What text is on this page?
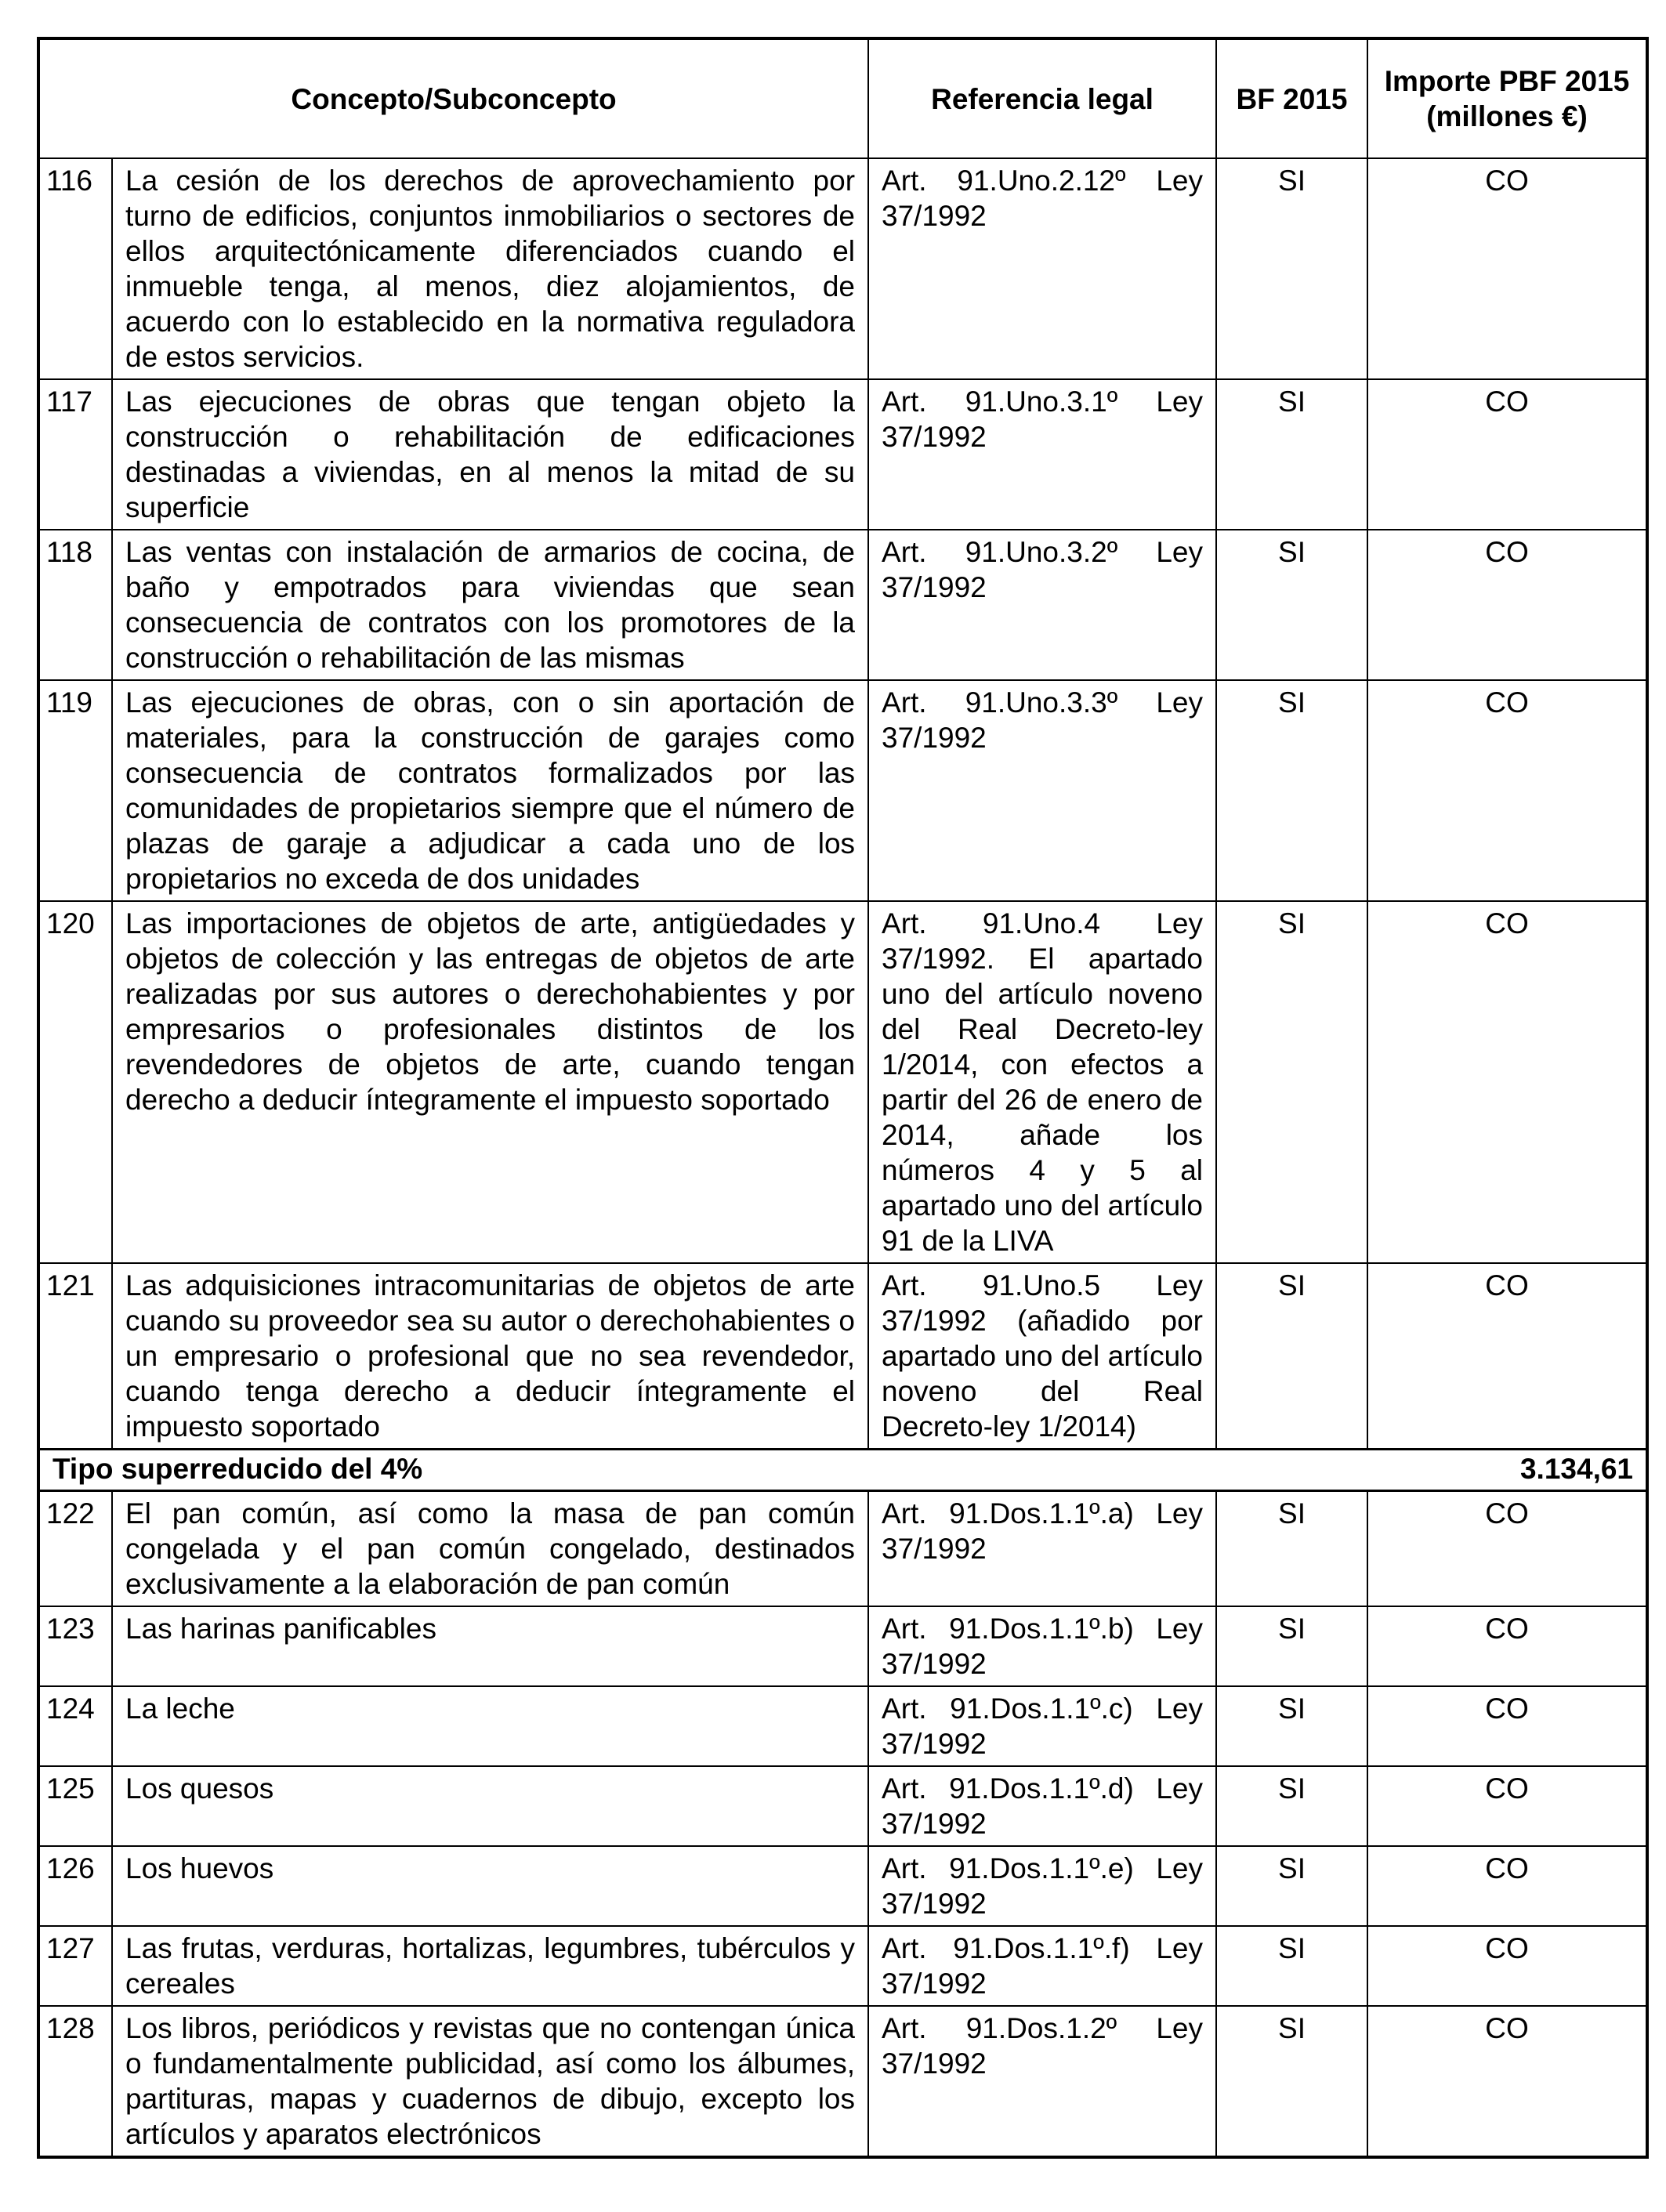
Concepto/Subconcepto		Referencia legal	BF 2015	Importe PBF 2015 (millones €)
116	La cesión de los derechos de aprovechamiento por turno de edificios, conjuntos inmobiliarios o sectores de ellos arquitectónicamente diferenciados cuando el inmueble tenga, al menos, diez alojamientos, de acuerdo con lo establecido en la normativa reguladora de estos servicios.	Art. 91.Uno.2.12º Ley 37/1992	SI	CO
117	Las ejecuciones de obras que tengan objeto la construcción o rehabilitación de edificaciones destinadas a viviendas, en al menos la mitad de su superficie	Art. 91.Uno.3.1º Ley 37/1992	SI	CO
118	Las ventas con instalación de armarios de cocina, de baño y empotrados para viviendas que sean consecuencia de contratos con los promotores de la construcción o rehabilitación de las mismas	Art. 91.Uno.3.2º Ley 37/1992	SI	CO
119	Las ejecuciones de obras, con o sin aportación de materiales, para la construcción de garajes como consecuencia de contratos formalizados por las comunidades de propietarios siempre que el número de plazas de garaje a adjudicar a cada uno de los propietarios no exceda de dos unidades	Art. 91.Uno.3.3º Ley 37/1992	SI	CO
120	Las importaciones de objetos de arte, antigüedades y objetos de colección y las entregas de objetos de arte realizadas por sus autores o derechohabientes y por empresarios o profesionales distintos de los revendedores de objetos de arte, cuando tengan derecho a deducir íntegramente el impuesto soportado	Art. 91.Uno.4 Ley 37/1992. El apartado uno del artículo noveno del Real Decreto-ley 1/2014, con efectos a partir del 26 de enero de 2014, añade los números 4 y 5 al apartado uno del artículo 91 de la LIVA	SI	CO
121	Las adquisiciones intracomunitarias de objetos de arte cuando su proveedor sea su autor o derechohabientes o un empresario o profesional que no sea revendedor, cuando tenga derecho a deducir íntegramente el impuesto soportado	Art. 91.Uno.5 Ley 37/1992 (añadido por apartado uno del artículo noveno del Real Decreto-ley 1/2014)	SI	CO

Tipo superreducido del 4% 3.134,61				

122	El pan común, así como la masa de pan común congelada y el pan común congelado, destinados exclusivamente a la elaboración de pan común	Art. 91.Dos.1.1º.a) Ley 37/1992	SI	CO
123	Las harinas panificables	Art. 91.Dos.1.1º.b) Ley 37/1992	SI	CO
124	La leche	Art. 91.Dos.1.1º.c) Ley 37/1992	SI	CO
125	Los quesos	Art. 91.Dos.1.1º.d) Ley 37/1992	SI	CO
126	Los huevos	Art. 91.Dos.1.1º.e) Ley 37/1992	SI	CO
127	Las frutas, verduras, hortalizas, legumbres, tubérculos y cereales	Art. 91.Dos.1.1º.f) Ley 37/1992	SI	CO
128	Los libros, periódicos y revistas que no contengan única o fundamentalmente publicidad, así como los álbumes, partituras, mapas y cuadernos de dibujo, excepto los artículos y aparatos electrónicos	Art. 91.Dos.1.2º Ley 37/1992	SI	CO
